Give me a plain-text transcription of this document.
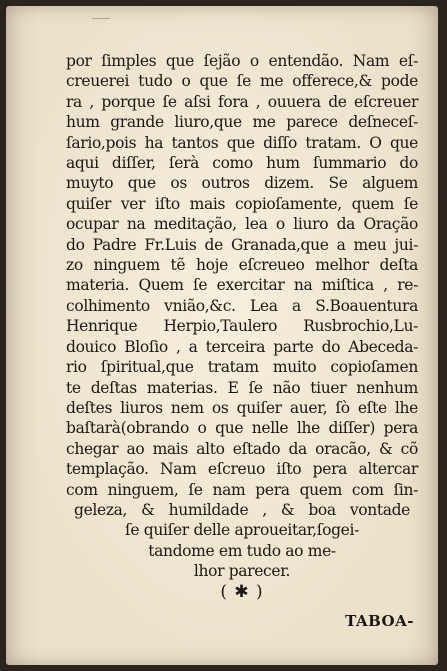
por ſimples que ſejão o entendão. Nam eſ-
creuerei tudo o que ſe me offerece,& pode
ra , porque ſe aſsi fora , ouuera de eſcreuer
hum grande liuro,que me parece deſneceſ-
ſario,pois ha tantos que diſſo tratam. O que
aqui diſſer, ſerà como hum ſummario do
muyto que os outros dizem. Se alguem
quiſer ver iſto mais copioſamente, quem ſe
ocupar na meditação, lea o liuro da Oração
do Padre Fr.Luis de Granada,que a meu jui-
zo ninguem tẽ hoje eſcreueo melhor deſta
materia. Quem ſe exercitar na miſtica , re-
colhimento vnião,&c. Lea a S.Boauentura
Henrique Herpio,Taulero Rusbrochio,Lu-
douico Bloſio , a terceira parte do Abeceda-
rio ſpiritual,que tratam muito copioſamen
te deſtas materias. E ſe não tiuer nenhum
deſtes liuros nem os quiſer auer, ſò eſte lhe
baſtarà(obrando o que nelle lhe diſſer) pera
chegar ao mais alto eſtado da oracão, & cõ
templação. Nam eſcreuo iſto pera altercar
com ninguem, ſe nam pera quem com ſin-
geleza, & humildade , & boa vontade
ſe quiſer delle aproueitar,ſogei-
tandome em tudo ao me-
lhor parecer.
( ✱ )
TABOA-
